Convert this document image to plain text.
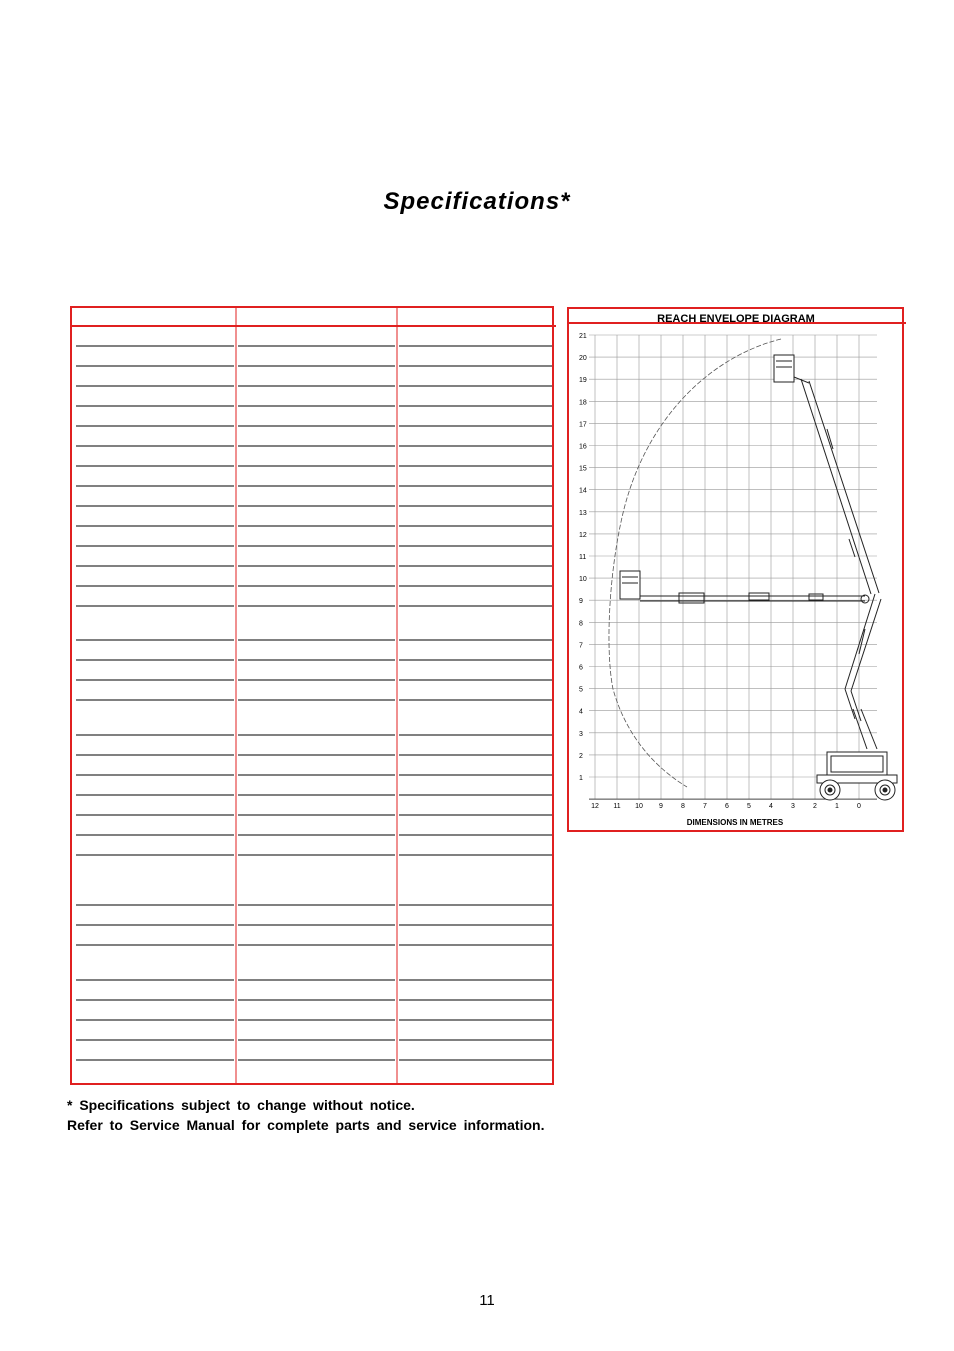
Specifications*
REACH ENVELOPE DIAGRAM
21
20
19
18
17
16
15
14
13
12
11
10
9
8
7
6
5
4
3
2
1
12 11 10 9	8	7	6	5	4	3	2	1	0
DIMENSIONS IN METRES
* Specifications subject to change without notice.
Refer to Service Manual for complete parts and service information.
11
